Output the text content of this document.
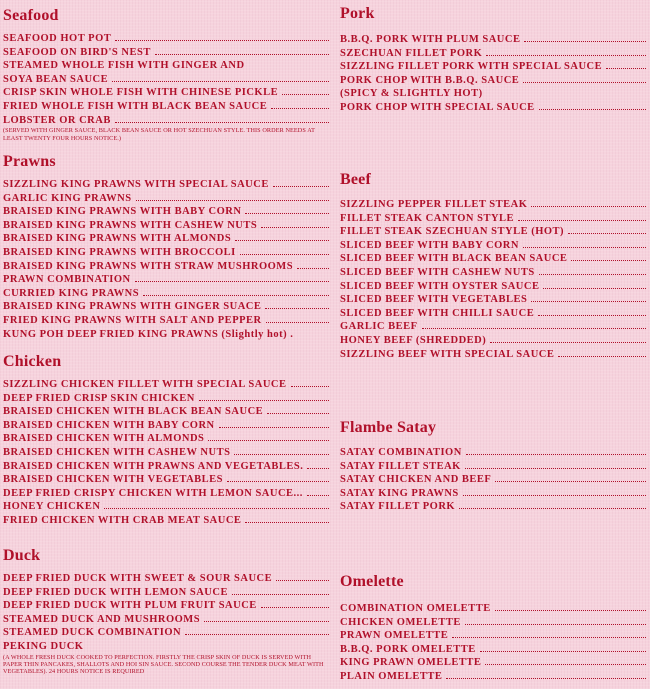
Seafood
SEAFOOD HOT POT
SEAFOOD ON BIRD'S NEST
STEAMED WHOLE FISH WITH GINGER AND
SOYA BEAN SAUCE
CRISP SKIN WHOLE FISH WITH CHINESE PICKLE
FRIED WHOLE FISH WITH BLACK BEAN SAUCE
LOBSTER OR CRAB

(SERVED WITH GINGER SAUCE, BLACK BEAN SAUCE OR HOT SZECHUAN STYLE. THIS ORDER NEEDS AT LEAST TWENTY FOUR HOURS NOTICE.)

Prawns
SIZZLING KING PRAWNS WITH SPECIAL SAUCE
GARLIC KING PRAWNS
BRAISED KING PRAWNS WITH BABY CORN
BRAISED KING PRAWNS WITH CASHEW NUTS
BRAISED KING PRAWNS WITH ALMONDS
BRAISED KING PRAWNS WITH BROCCOLI
BRAISED KING PRAWNS WITH STRAW MUSHROOMS
PRAWN COMBINATION
CURRIED KING PRAWNS
BRAISED KING PRAWNS WITH GINGER SUACE
FRIED KING PRAWNS WITH SALT AND PEPPER
KUNG POH DEEP FRIED KING PRAWNS (Slightly hot) .
Chicken
SIZZLING CHICKEN FILLET WITH SPECIAL SAUCE
DEEP FRIED CRISP SKIN CHICKEN
BRAISED CHICKEN WITH BLACK BEAN SAUCE
BRAISED CHICKEN WITH BABY CORN
BRAISED CHICKEN WITH ALMONDS
BRAISED CHICKEN WITH CASHEW NUTS
BRAISED CHICKEN WITH PRAWNS AND VEGETABLES.
BRAISED CHICKEN WITH VEGETABLES
DEEP FRIED CRISPY CHICKEN WITH LEMON SAUCE...
HONEY CHICKEN
FRIED CHICKEN WITH CRAB MEAT SAUCE
Duck
DEEP FRIED DUCK WITH SWEET & SOUR SAUCE
DEEP FRIED DUCK WITH LEMON SAUCE
DEEP FRIED DUCK WITH PLUM FRUIT SAUCE
STEAMED DUCK AND MUSHROOMS
STEAMED DUCK COMBINATION
PEKING DUCK

(A WHOLE FRESH DUCK COOKED TO PERFECTION. FIRSTLY THE CRISP SKIN OF DUCK IS SERVED WITH PAPER THIN PANCAKES, SHALLOTS AND HOI SIN SAUCE. SECOND COURSE THE TENDER DUCK MEAT WITH VEGETABLES). 24 HOURS NOTICE IS REQUIRED

Pork
B.B.Q. PORK WITH PLUM SAUCE
SZECHUAN FILLET PORK
SIZZLING FILLET PORK WITH SPECIAL SAUCE
PORK CHOP WITH B.B.Q. SAUCE
(SPICY & SLIGHTLY HOT)
PORK CHOP WITH SPECIAL SAUCE
Beef
SIZZLING PEPPER FILLET STEAK
FILLET STEAK CANTON STYLE
FILLET STEAK SZECHUAN STYLE (HOT)
SLICED BEEF WITH BABY CORN
SLICED BEEF WITH BLACK BEAN SAUCE
SLICED BEEF WITH CASHEW NUTS
SLICED BEEF WITH OYSTER SAUCE
SLICED BEEF WITH VEGETABLES
SLICED BEEF WITH CHILLI SAUCE
GARLIC BEEF
HONEY BEEF (SHREDDED)
SIZZLING BEEF WITH SPECIAL SAUCE
Flambe Satay
SATAY COMBINATION
SATAY FILLET STEAK
SATAY CHICKEN AND BEEF
SATAY KING PRAWNS
SATAY FILLET PORK
Omelette
COMBINATION OMELETTE
CHICKEN OMELETTE
PRAWN OMELETTE
B.B.Q. PORK OMELETTE
KING PRAWN OMELETTE
PLAIN OMELETTE
